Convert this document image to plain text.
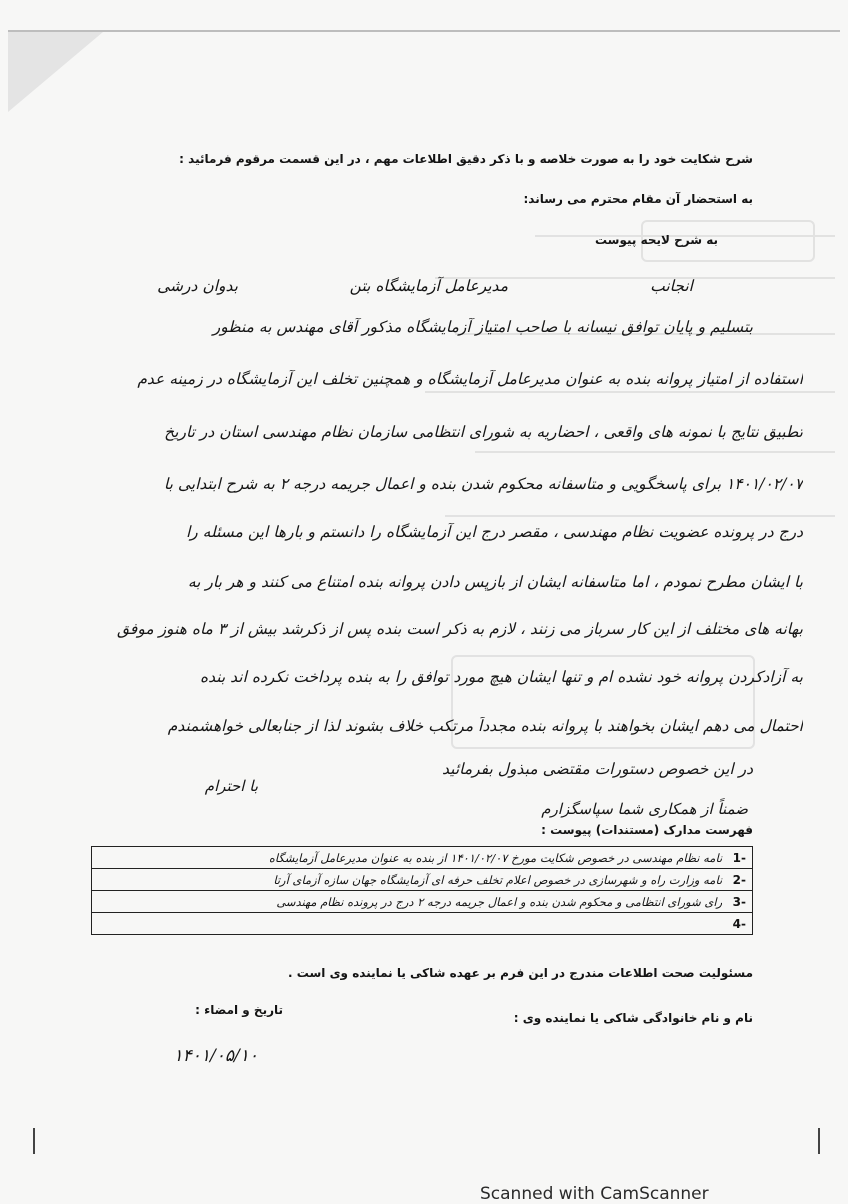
شرح شکایت خود را به صورت خلاصه و با ذکر دقیق اطلاعات مهم ، در این قسمت مرقوم فرمائید :
به استحضار آن مقام محترم می رساند:
به شرح لایحه پیوست
انجانب
مدیرعامل آزمایشگاه بتن
بدوان درشی
بتسلیم و پایان توافق نیسانه با صاحب امتیاز آزمایشگاه مذکور آقای مهندس به منظور
استفاده از امتیاز پروانه بنده به عنوان مدیرعامل آزمایشگاه و همچنین تخلف این آزمایشگاه در زمینه عدم
تطبیق نتایج با نمونه های واقعی ، احضاریه به شورای انتظامی سازمان نظام مهندسی استان در تاریخ
۱۴۰۱/۰۲/۰۷ برای پاسخگویی و متاسفانه محکوم شدن بنده و اعمال جریمه درجه ۲ به شرح ابتدایی با
درج در پرونده عضویت نظام مهندسی ، مقصر درج این آزمایشگاه را دانستم و بارها این مسئله را
با ایشان مطرح نمودم ، اما متاسفانه ایشان از بازپس دادن پروانه بنده امتناع می کنند و هر بار به
بهانه های مختلف از این کار سرباز می زنند ، لازم به ذکر است بنده پس از ذکرشد بیش از ۳ ماه هنوز موفق
به آزادکردن پروانه خود نشده ام و تنها ایشان هیچ مورد توافق را به بنده پرداخت نکرده اند بنده
احتمال می دهم ایشان بخواهند با پروانه بنده مجدداً مرتکب خلاف بشوند لذا از جنابعالی خواهشمندم
در این خصوص دستورات مقتضی مبذول بفرمائید
با احترام
ضمناً از همکاری شما سپاسگزارم
فهرست مدارک (مستندات) پیوست :
-1 نامه نظام مهندسی در خصوص شکایت مورخ ۱۴۰۱/۰۲/۰۷ از بنده به عنوان مدیرعامل آزمایشگاه
-2 نامه وزارت راه و شهرسازی در خصوص اعلام تخلف حرفه ای آزمایشگاه جهان سازه آزمای آرتا
-3 رای شورای انتظامی و محکوم شدن بنده و اعمال جریمه درجه ۲ درج در پرونده نظام مهندسی
-4
مسئولیت صحت اطلاعات مندرج در این فرم بر عهده شاکی یا نماینده وی است .
تاریخ و امضاء :
نام و نام خانوادگی شاکی یا نماینده وی :
۱۴۰۱/۰۵/۱۰
Scanned with CamScanner
